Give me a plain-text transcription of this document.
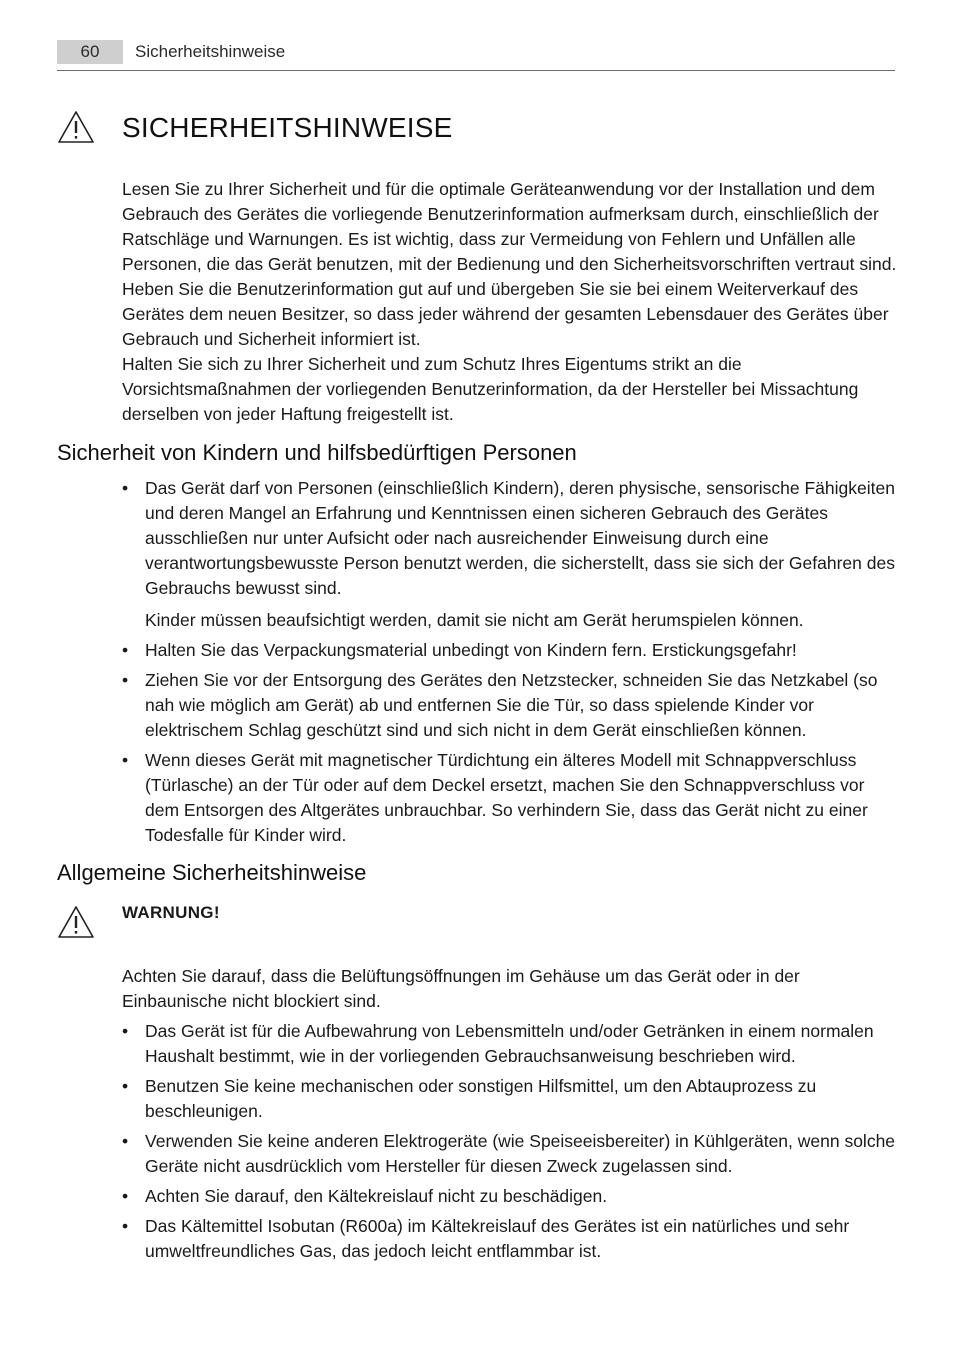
60	Sicherheitshinweise
SICHERHEITSHINWEISE

Lesen Sie zu Ihrer Sicherheit und für die optimale Geräteanwendung vor der Installation und dem Gebrauch des Gerätes die vorliegende Benutzerinformation aufmerksam durch, einschließlich der Ratschläge und Warnungen. Es ist wichtig, dass zur Vermeidung von Fehlern und Unfällen alle Personen, die das Gerät benutzen, mit der Bedienung und den Sicherheitsvorschriften vertraut sind. Heben Sie die Benutzerinformation gut auf und übergeben Sie sie bei einem Weiterverkauf des Gerätes dem neuen Besitzer, so dass jeder während der gesamten Lebensdauer des Gerätes über Gebrauch und Sicherheit informiert ist.

Halten Sie sich zu Ihrer Sicherheit und zum Schutz Ihres Eigentums strikt an die Vorsichtsmaßnahmen der vorliegenden Benutzerinformation, da der Hersteller bei Missachtung derselben von jeder Haftung freigestellt ist.

Sicherheit von Kindern und hilfsbedürftigen Personen
• Das Gerät darf von Personen (einschließlich Kindern), deren physische, sensorische Fähigkeiten und deren Mangel an Erfahrung und Kenntnissen einen sicheren Gebrauch des Gerätes ausschließen nur unter Aufsicht oder nach ausreichender Einweisung durch eine verantwortungsbewusste Person benutzt werden, die sicherstellt, dass sie sich der Gefahren des Gebrauchs bewusst sind.
Kinder müssen beaufsichtigt werden, damit sie nicht am Gerät herumspielen können.
• Halten Sie das Verpackungsmaterial unbedingt von Kindern fern. Erstickungsgefahr!
• Ziehen Sie vor der Entsorgung des Gerätes den Netzstecker, schneiden Sie das Netzkabel (so nah wie möglich am Gerät) ab und entfernen Sie die Tür, so dass spielende Kinder vor elektrischem Schlag geschützt sind und sich nicht in dem Gerät einschließen können.
• Wenn dieses Gerät mit magnetischer Türdichtung ein älteres Modell mit Schnappverschluss (Türlasche) an der Tür oder auf dem Deckel ersetzt, machen Sie den Schnappverschluss vor dem Entsorgen des Altgerätes unbrauchbar. So verhindern Sie, dass das Gerät nicht zu einer Todesfalle für Kinder wird.
Allgemeine Sicherheitshinweise
WARNUNG!

Achten Sie darauf, dass die Belüftungsöffnungen im Gehäuse um das Gerät oder in der Einbaunische nicht blockiert sind.

• Das Gerät ist für die Aufbewahrung von Lebensmitteln und/oder Getränken in einem normalen Haushalt bestimmt, wie in der vorliegenden Gebrauchsanweisung beschrieben wird.
• Benutzen Sie keine mechanischen oder sonstigen Hilfsmittel, um den Abtauprozess zu beschleunigen.
• Verwenden Sie keine anderen Elektrogeräte (wie Speiseeisbereiter) in Kühlgeräten, wenn solche Geräte nicht ausdrücklich vom Hersteller für diesen Zweck zugelassen sind.
• Achten Sie darauf, den Kältekreislauf nicht zu beschädigen.
• Das Kältemittel Isobutan (R600a) im Kältekreislauf des Gerätes ist ein natürliches und sehr umweltfreundliches Gas, das jedoch leicht entflammbar ist.
